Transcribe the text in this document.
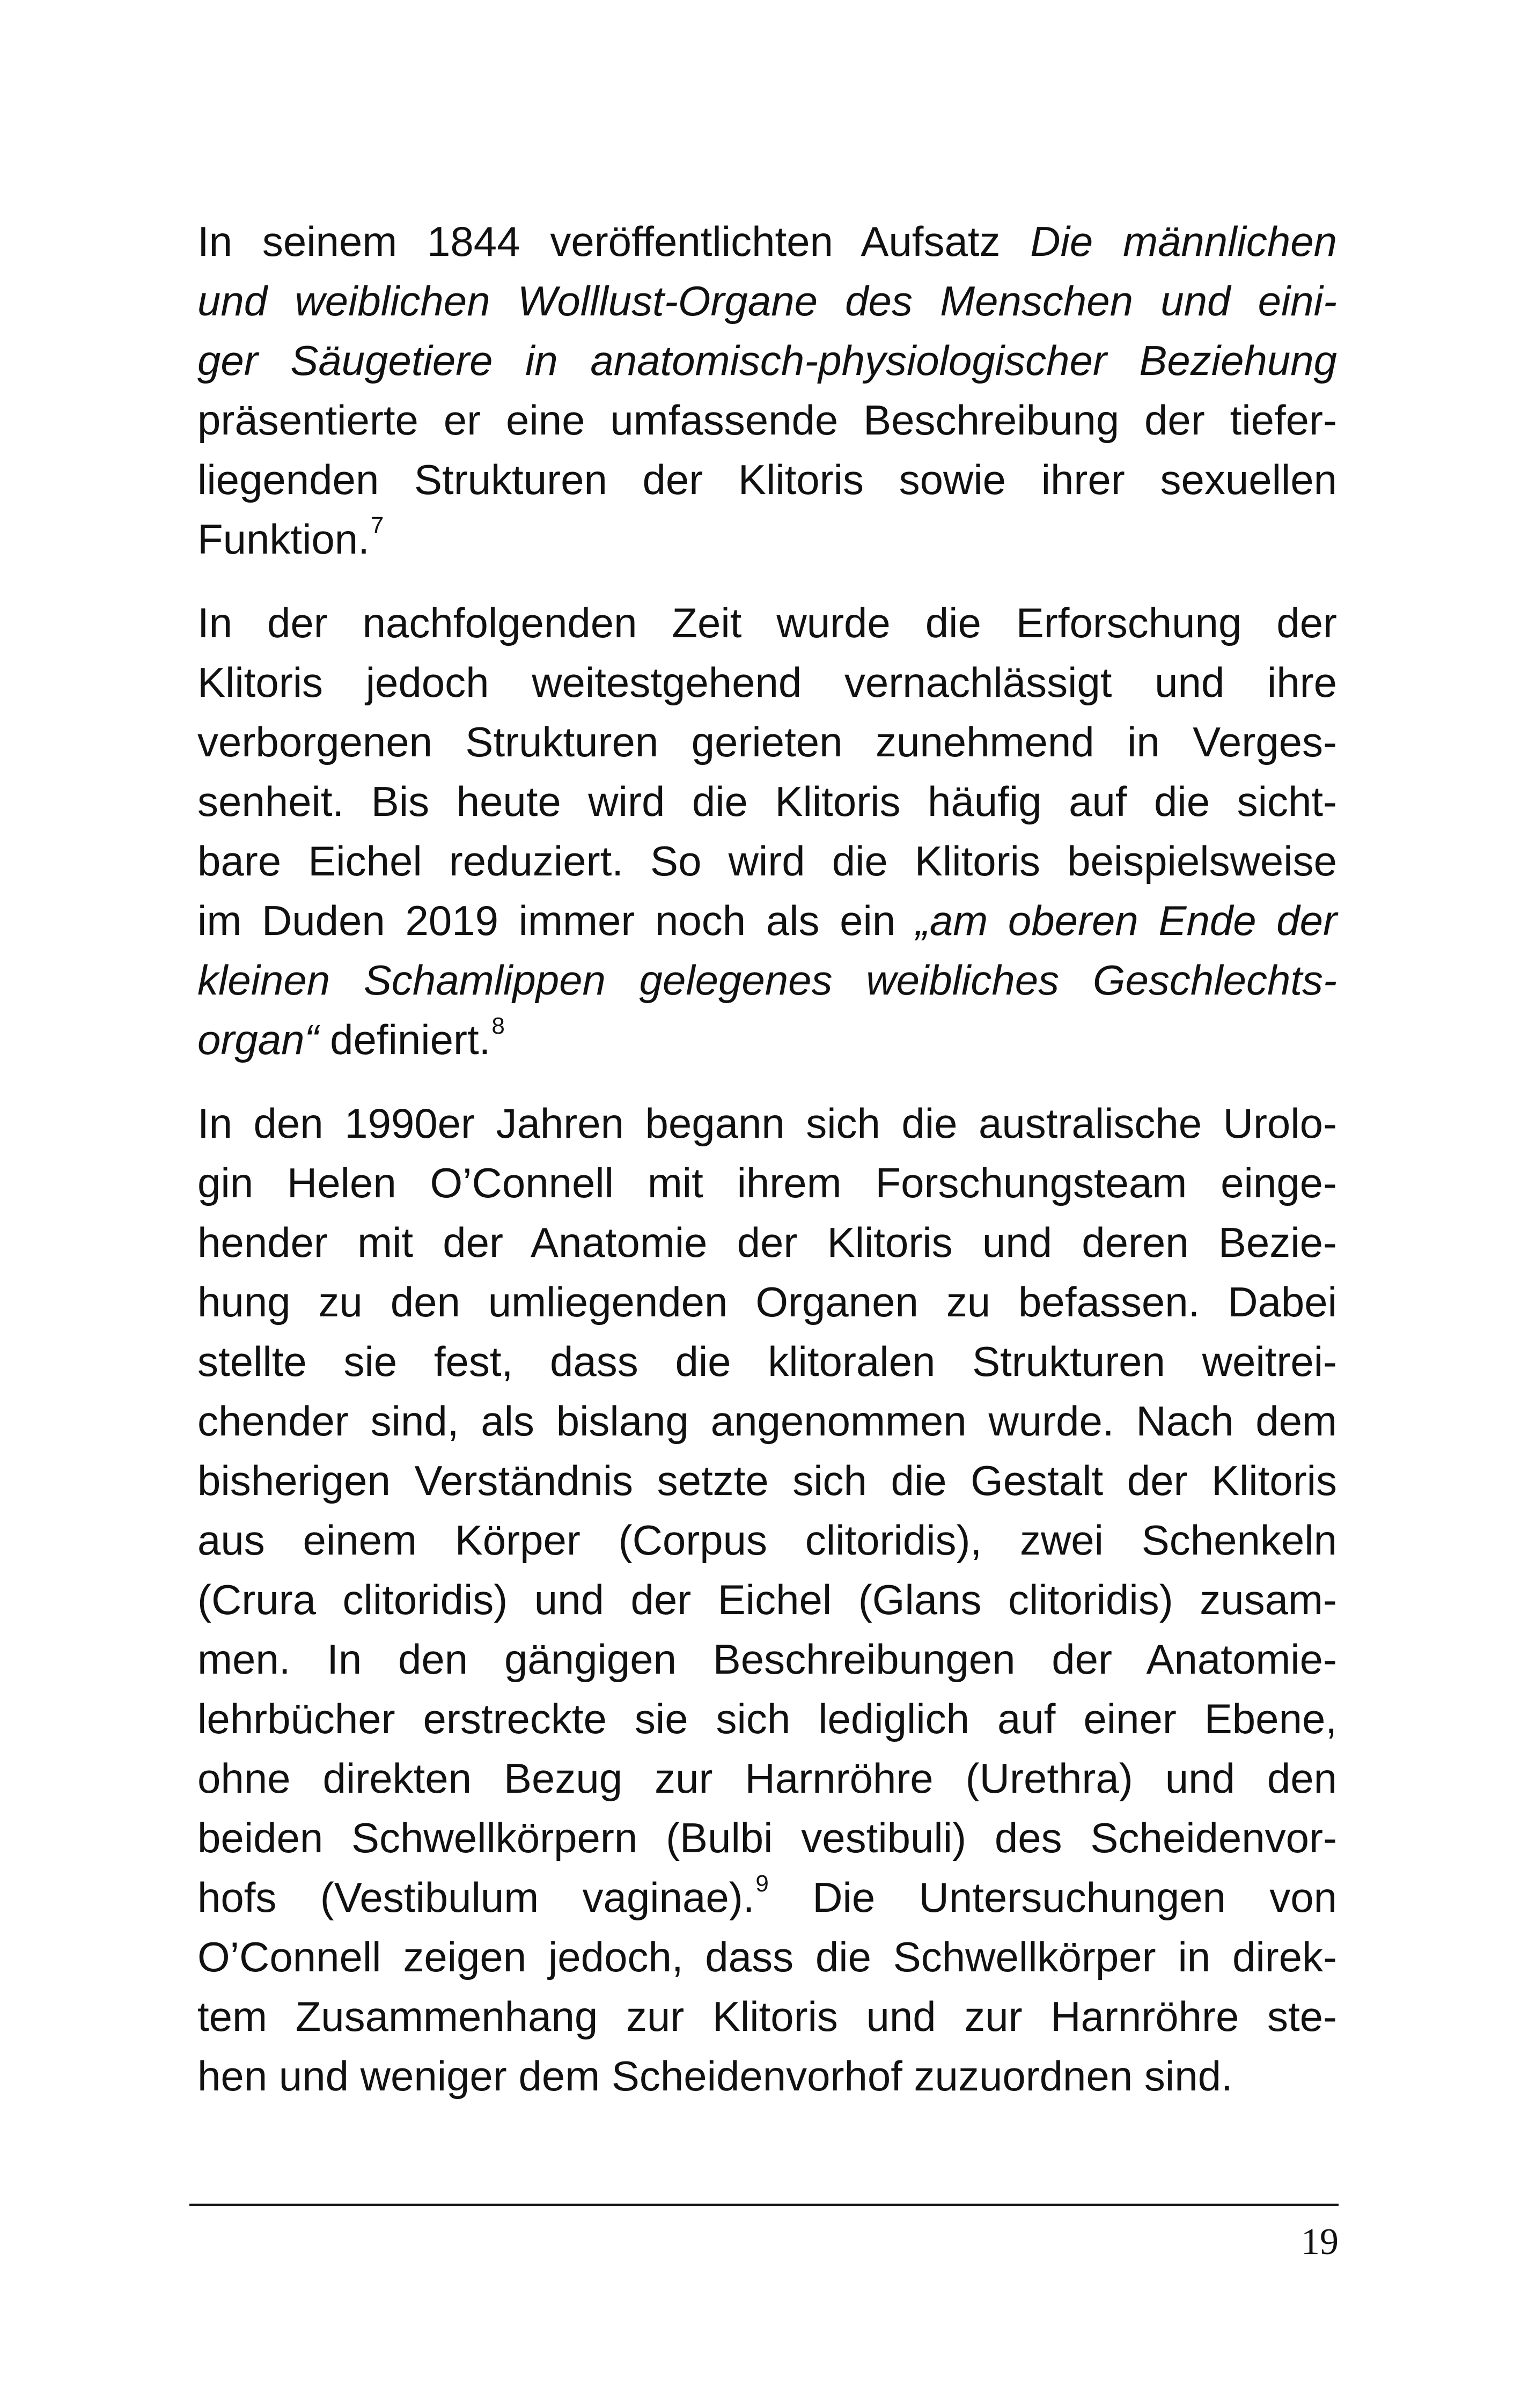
In seinem 1844 veröffentlichten Aufsatz Die männlichen
und weiblichen Wolllust-Organe des Menschen und eini-
ger Säugetiere in anatomisch-physiologischer Beziehung
präsentierte er eine umfassende Beschreibung der tiefer-
liegenden Strukturen der Klitoris sowie ihrer sexuellen
Funktion.$^7$
In der nachfolgenden Zeit wurde die Erforschung der
Klitoris jedoch weitestgehend vernachlässigt und ihre
verborgenen Strukturen gerieten zunehmend in Verges-
senheit. Bis heute wird die Klitoris häufig auf die sicht-
bare Eichel reduziert. So wird die Klitoris beispielsweise
im Duden 2019 immer noch als ein „am oberen Ende der
kleinen Schamlippen gelegenes weibliches Geschlechts-
organ“ definiert.$^8$
In den 1990er Jahren begann sich die australische Urolo-
gin Helen O’Connell mit ihrem Forschungsteam einge-
hender mit der Anatomie der Klitoris und deren Bezie-
hung zu den umliegenden Organen zu befassen. Dabei
stellte sie fest, dass die klitoralen Strukturen weitrei-
chender sind, als bislang angenommen wurde. Nach dem
bisherigen Verständnis setzte sich die Gestalt der Klitoris
aus einem Körper (Corpus clitoridis), zwei Schenkeln
(Crura clitoridis) und der Eichel (Glans clitoridis) zusam-
men. In den gängigen Beschreibungen der Anatomie-
lehrbücher erstreckte sie sich lediglich auf einer Ebene,
ohne direkten Bezug zur Harnröhre (Urethra) und den
beiden Schwellkörpern (Bulbi vestibuli) des Scheidenvor-
hofs (Vestibulum vaginae).$^9$ Die Untersuchungen von
O’Connell zeigen jedoch, dass die Schwellkörper in direk-
tem Zusammenhang zur Klitoris und zur Harnröhre ste-
hen und weniger dem Scheidenvorhof zuzuordnen sind.
19
